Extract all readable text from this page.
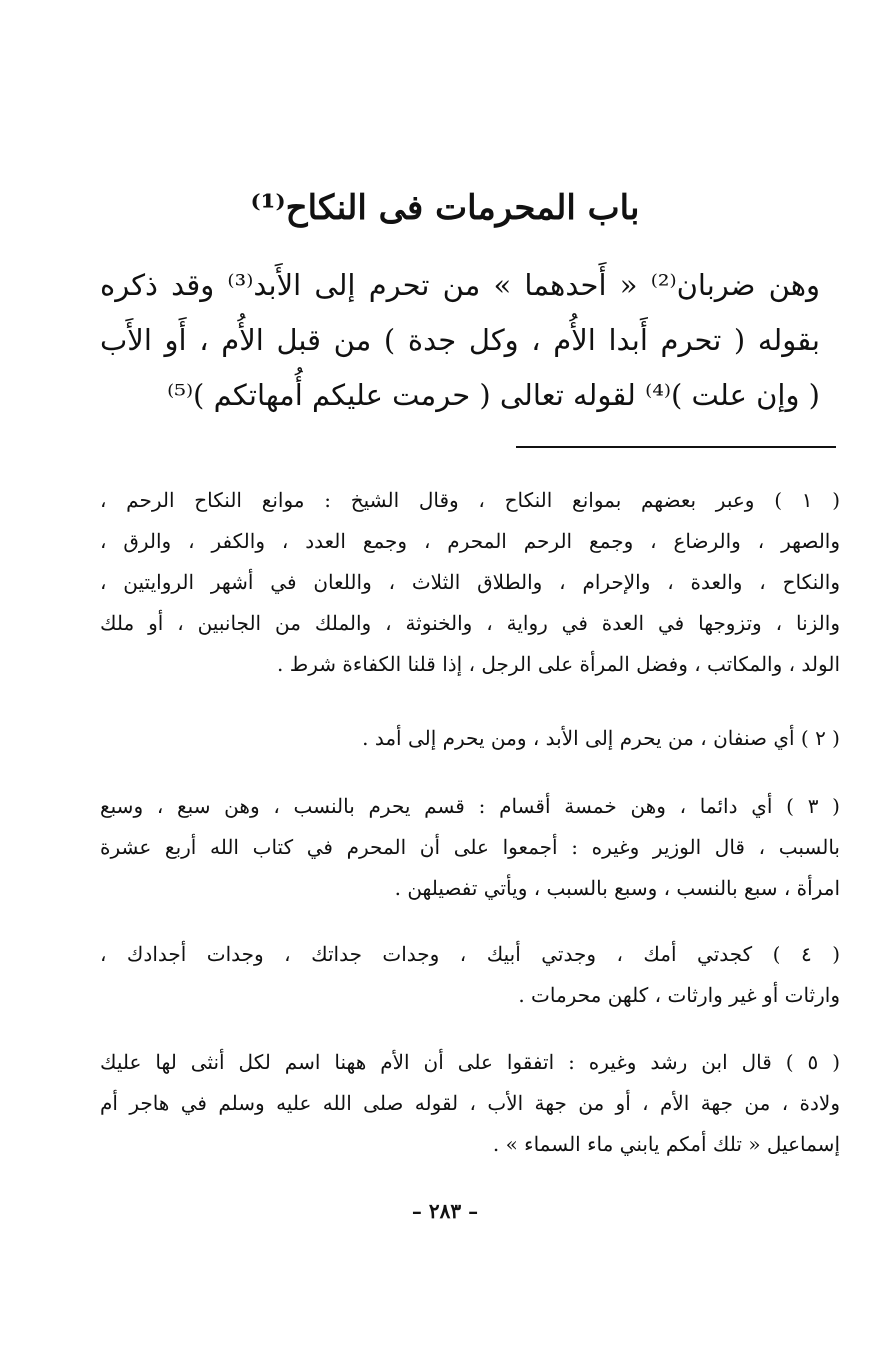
باب المحرمات فى النكاح⁽¹⁾
وهن ضربان⁽²⁾ « أَحدهما » من تحرم إلى الأَبد⁽³⁾ وقد ذكره
بقوله ( تحرم أَبدا الأُم ، وكل جدة ) من قبل الأُم ، أَو الأَب
( وإن علت )⁽⁴⁾ لقوله تعالى ( حرمت عليكم أُمهاتكم )⁽⁵⁾
( ١ ) وعبر بعضهم بموانع النكاح ، وقال الشيخ : موانع النكاح الرحم ،
والصهر ، والرضاع ، وجمع الرحم المحرم ، وجمع العدد ، والكفر ، والرق ،
والنكاح ، والعدة ، والإحرام ، والطلاق الثلاث ، واللعان في أشهر الروايتين ،
والزنا ، وتزوجها في العدة في رواية ، والخنوثة ، والملك من الجانبين ، أو ملك
الولد ، والمكاتب ، وفضل المرأة على الرجل ، إذا قلنا الكفاءة شرط .
( ٢ ) أي صنفان ، من يحرم إلى الأبد ، ومن يحرم إلى أمد .
( ٣ ) أي دائما ، وهن خمسة أقسام : قسم يحرم بالنسب ، وهن سبع ، وسبع
بالسبب ، قال الوزير وغيره : أجمعوا على أن المحرم في كتاب الله أربع عشرة
امرأة ، سبع بالنسب ، وسبع بالسبب ، ويأتي تفصيلهن .
( ٤ ) كجدتي أمك ، وجدتي أبيك ، وجدات جداتك ، وجدات أجدادك ،
وارثات أو غير وارثات ، كلهن محرمات .
( ٥ ) قال ابن رشد وغيره : اتفقوا على أن الأم ههنا اسم لكل أنثى لها عليك
ولادة ، من جهة الأم ، أو من جهة الأب ، لقوله صلى الله عليه وسلم في هاجر أم
إسماعيل « تلك أمكم يابني ماء السماء » .
– ٢٨٣ –
